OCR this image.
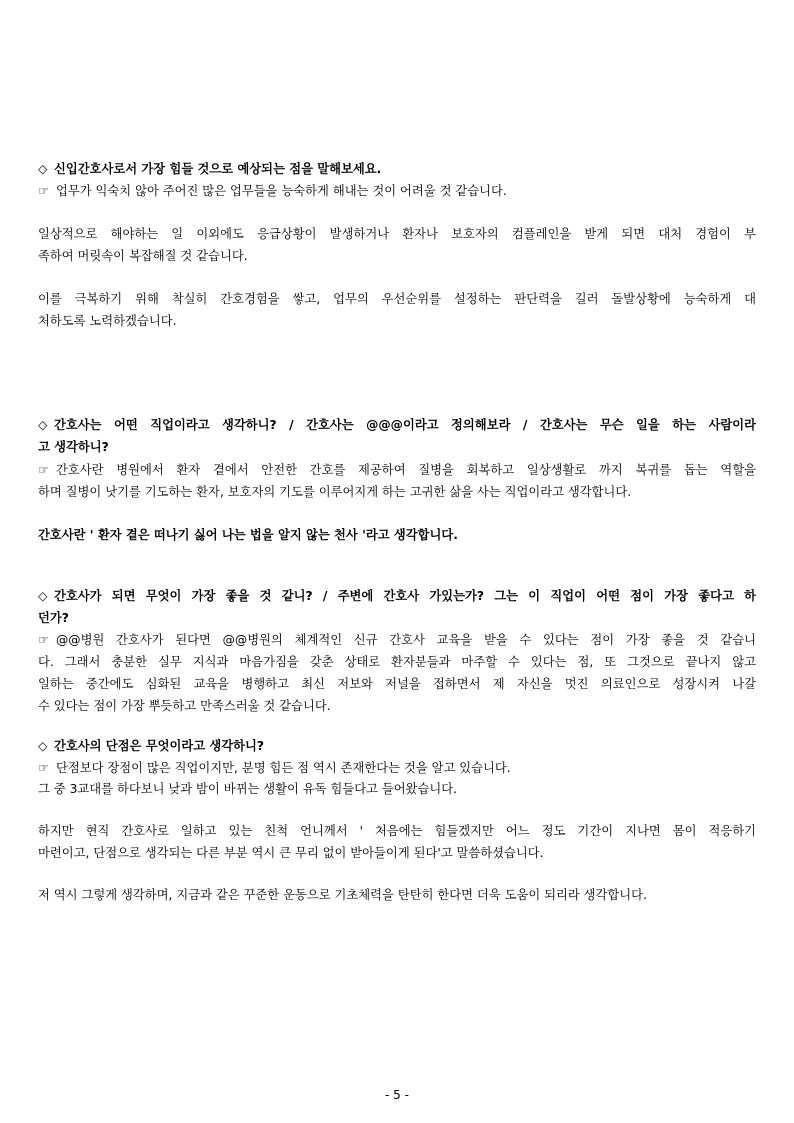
◇ 신입간호사로서 가장 힘들 것으로 예상되는 점을 말해보세요.
☞ 업무가 익숙치 않아 주어진 많은 업무들을 능숙하게 해내는 것이 어려울 것 같습니다.
일상적으로 해야하는 일 이외에도 응급상황이 발생하거나 환자나 보호자의 컴플레인을 받게 되면 대처 경험이 부
족하여 머릿속이 복잡해질 것 같습니다.
이를 극복하기 위해 착실히 간호경험을 쌓고, 업무의 우선순위를 설정하는 판단력을 길러 돌발상황에 능숙하게 대
처하도록 노력하겠습니다.
◇ 간호사는 어떤 직업이라고 생각하니? / 간호사는 @@@이라고 정의해보라 / 간호사는 무슨 일을 하는 사람이라
고 생각하니?
☞ 간호사란 병원에서 환자 곁에서 안전한 간호를 제공하여 질병을 회복하고 일상생활로 까지 복귀를 돕는 역할을
하며 질병이 낫기를 기도하는 환자, 보호자의 기도를 이루어지게 하는 고귀한 삶을 사는 직업이라고 생각합니다.
간호사란 ' 환자 곁은 떠나기 싫어 나는 법을 알지 않는 천사 '라고 생각합니다.
◇ 간호사가 되면 무엇이 가장 좋을 것 같니? / 주변에 간호사 가있는가? 그는 이 직업이 어떤 점이 가장 좋다고 하
던가?
☞ @@병원 간호사가 된다면 @@병원의 체계적인 신규 간호사 교육을 받을 수 있다는 점이 가장 좋을 것 같습니
다. 그래서 충분한 실무 지식과 마음가짐을 갖춘 상태로 환자분들과 마주할 수 있다는 점, 또 그것으로 끝나지 않고
일하는 중간에도 심화된 교육을 병행하고 최신 저보와 저널을 접하면서 제 자신을 멋진 의료인으로 성장시켜 나갈
수 있다는 점이 가장 뿌듯하고 만족스러울 것 같습니다.
◇ 간호사의 단점은 무엇이라고 생각하니?
☞ 단점보다 장점이 많은 직업이지만, 분명 힘든 점 역시 존재한다는 것을 알고 있습니다.
그 중 3교대를 하다보니 낮과 밤이 바뀌는 생활이 유독 힘들다고 들어왔습니다.
하지만 현직 간호사로 일하고 있는 친척 언니께서 ' 처음에는 힘들겠지만 어느 정도 기간이 지나면 몸이 적응하기
마련이고, 단점으로 생각되는 다른 부분 역시 큰 무리 없이 받아들이게 된다'고 말씀하셨습니다.
저 역시 그렇게 생각하며, 지금과 같은 꾸준한 운동으로 기초체력을 탄탄히 한다면 더욱 도움이 되리라 생각합니다.
- 5 -
